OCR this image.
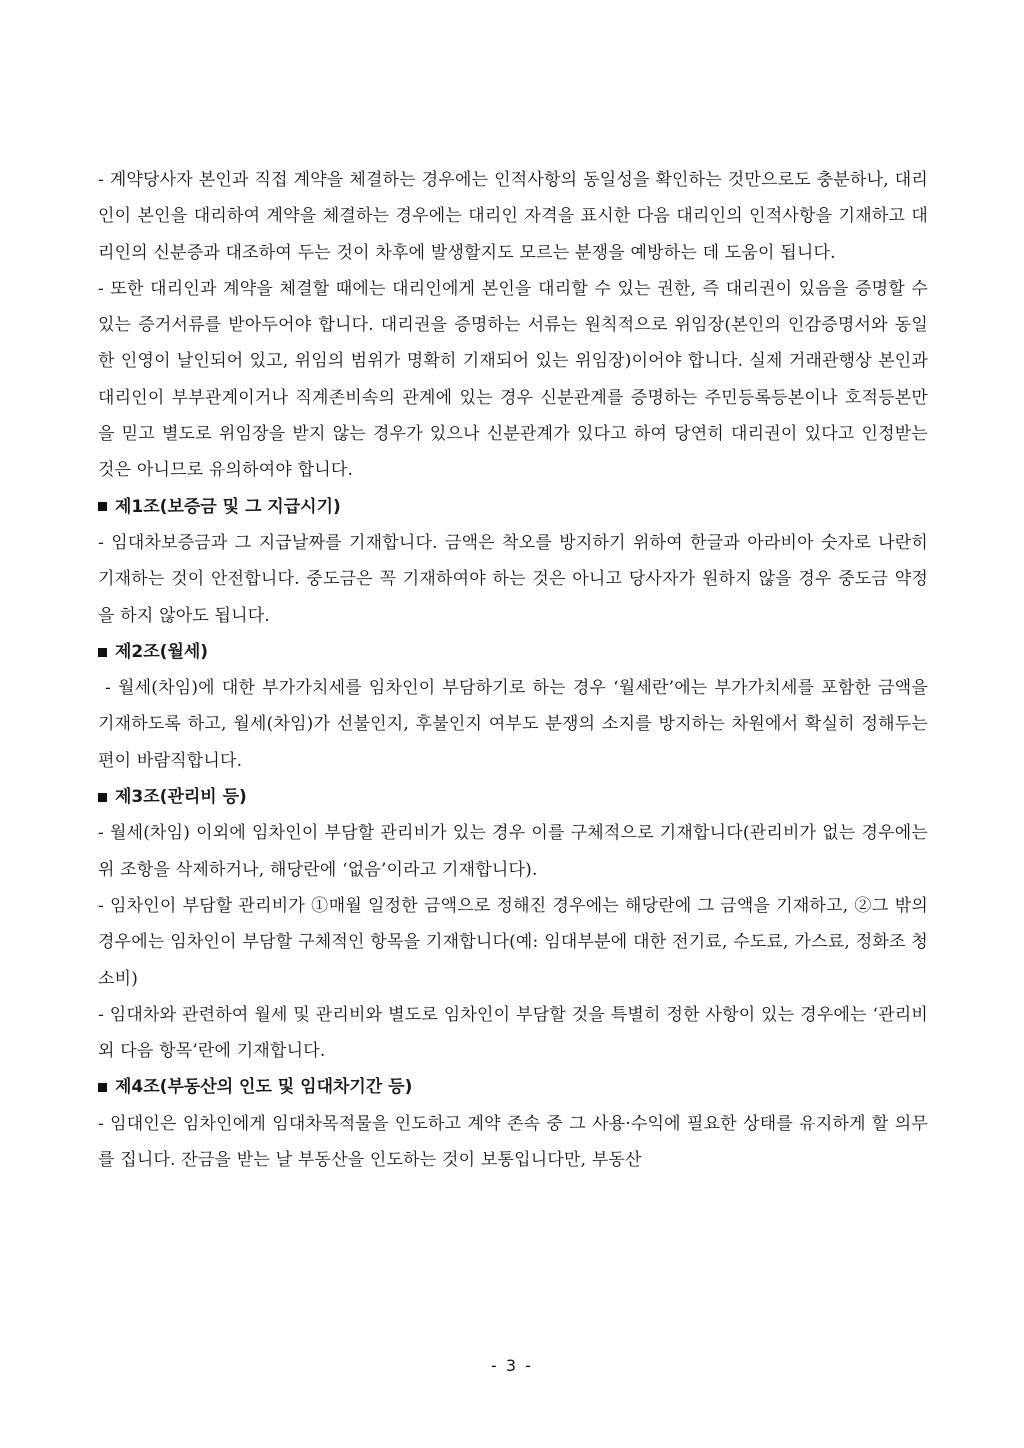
- 계약당사자 본인과 직접 계약을 체결하는 경우에는 인적사항의 동일성을 확인하는 것만으로도 충분하나, 대리인이 본인을 대리하여 계약을 체결하는 경우에는 대리인 자격을 표시한 다음 대리인의 인적사항을 기재하고 대리인의 신분증과 대조하여 두는 것이 차후에 발생할지도 모르는 분쟁을 예방하는 데 도움이 됩니다.

- 또한 대리인과 계약을 체결할 때에는 대리인에게 본인을 대리할 수 있는 권한, 즉 대리권이 있음을 증명할 수 있는 증거서류를 받아두어야 합니다. 대리권을 증명하는 서류는 원칙적으로 위임장(본인의 인감증명서와 동일한 인영이 날인되어 있고, 위임의 범위가 명확히 기재되어 있는 위임장)이어야 합니다. 실제 거래관행상 본인과 대리인이 부부관계이거나 직계존비속의 관계에 있는 경우 신분관계를 증명하는 주민등록등본이나 호적등본만을 믿고 별도로 위임장을 받지 않는 경우가 있으나 신분관계가 있다고 하여 당연히 대리권이 있다고 인정받는 것은 아니므로 유의하여야 합니다.

제1조(보증금 및 그 지급시기)

- 임대차보증금과 그 지급날짜를 기재합니다. 금액은 착오를 방지하기 위하여 한글과 아라비아 숫자로 나란히 기재하는 것이 안전합니다. 중도금은 꼭 기재하여야 하는 것은 아니고 당사자가 원하지 않을 경우 중도금 약정을 하지 않아도 됩니다.

제2조(월세)

- 월세(차임)에 대한 부가가치세를 임차인이 부담하기로 하는 경우 ‘월세란’에는 부가가치세를 포함한 금액을 기재하도록 하고, 월세(차임)가 선불인지, 후불인지 여부도 분쟁의 소지를 방지하는 차원에서 확실히 정해두는 편이 바람직합니다.

제3조(관리비 등)

- 월세(차임) 이외에 임차인이 부담할 관리비가 있는 경우 이를 구체적으로 기재합니다(관리비가 없는 경우에는 위 조항을 삭제하거나, 해당란에 ‘없음’이라고 기재합니다).

- 임차인이 부담할 관리비가 ①매월 일정한 금액으로 정해진 경우에는 해당란에 그 금액을 기재하고, ②그 밖의 경우에는 임차인이 부담할 구체적인 항목을 기재합니다(예: 임대부분에 대한 전기료, 수도료, 가스료, 정화조 청소비)

- 임대차와 관련하여 월세 및 관리비와 별도로 임차인이 부담할 것을 특별히 정한 사항이 있는 경우에는 ‘관리비 외 다음 항목’란에 기재합니다.

제4조(부동산의 인도 및 임대차기간 등)

- 임대인은 임차인에게 임대차목적물을 인도하고 계약 존속 중 그 사용·수익에 필요한 상태를 유지하게 할 의무를 집니다. 잔금을 받는 날 부동산을 인도하는 것이 보통입니다만, 부동산

- 3 -
